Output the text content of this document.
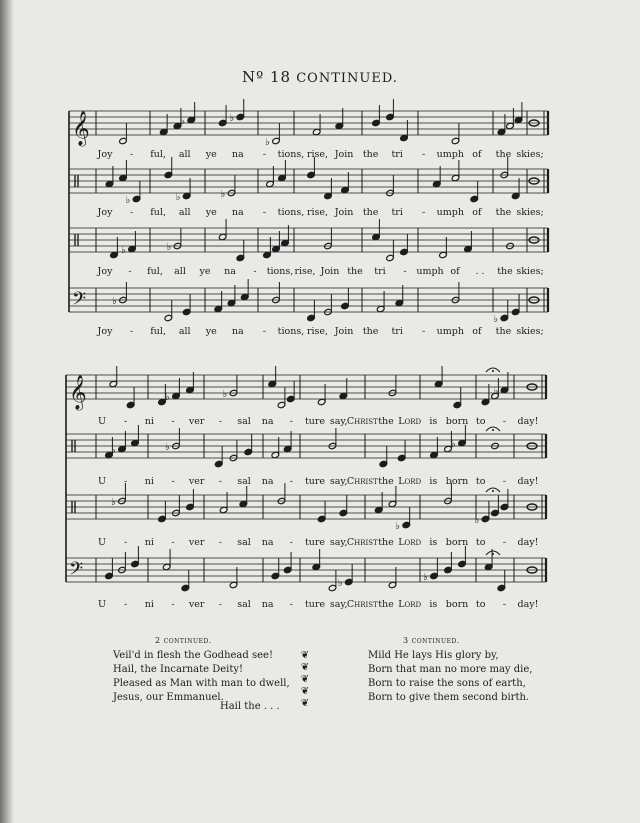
Nº 18 CONTINUED.
𝄞	♭	♭
♭
♭	♭	♭
♭	♭
𝄢	♭
♭
𝄞	♭	♭	♭
♭	♭	♭
♭
♭
♭
𝄢	♭
♭
Joy - ful, all ye na - tions, rise, Join the tri - umph of the skies;
Joy - ful, all ye na - tions, rise, Join the tri - umph of the skies;
Joy - ful, all ye na - tions, rise, Join the tri - umph of . . the skies;
Joy - ful, all ye na - tions, rise, Join the tri - umph of the skies;
U - ni - ver - sal na - ture say, Christ the Lord is born to - day!
U - ni - ver - sal na - ture say, Christ the Lord is born to - day!
U - ni - ver - sal na - ture say, Christ the Lord is born to - day!
U - ni - ver - sal na - ture say, Christ the Lord is born to - day!
2 continued.
Veil'd in flesh the Godhead see!
Hail, the Incarnate Deity!
Pleased as Man with man to dwell,
Jesus, our Emmanuel.
Hail the . . .
❦
❦
❦
❦
❦
3 continued.
Mild He lays His glory by,
Born that man no more may die,
Born to raise the sons of earth,
Born to give them second birth.
